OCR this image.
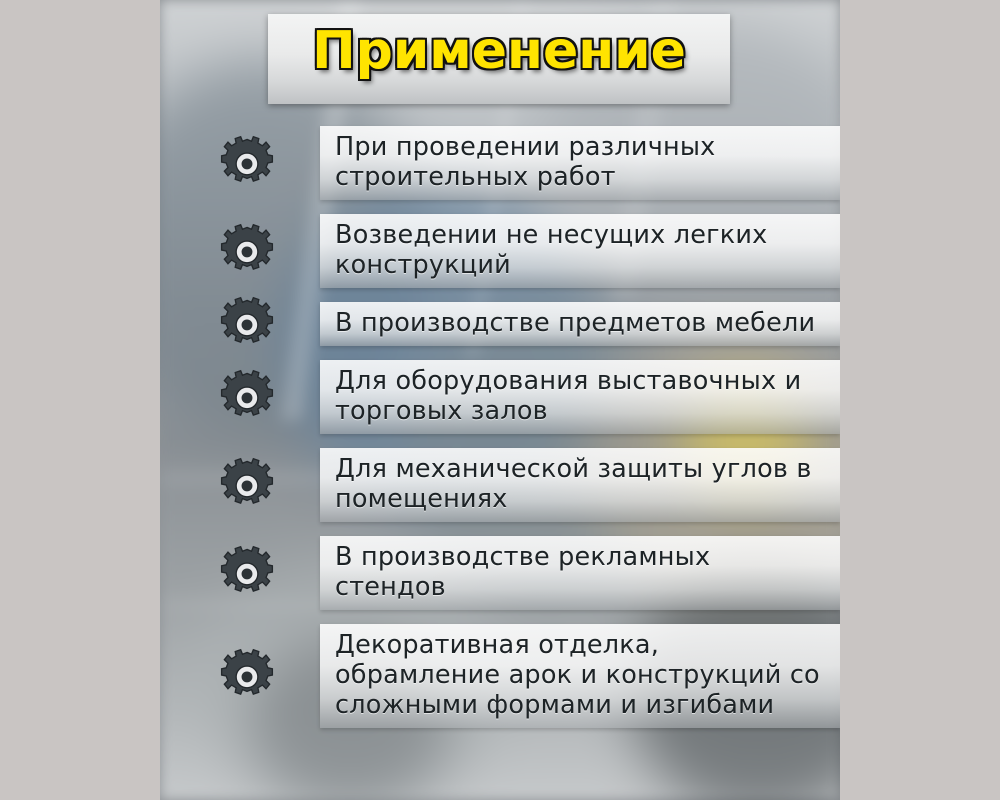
Применение
При проведении различных строительных работ
Возведении не несущих легких конструкций
В производстве предметов мебели
Для оборудования выставочных и торговых залов
Для механической защиты углов в помещениях
В производстве рекламных стендов
Декоративная отделка, обрамление арок и конструкций со сложными формами и изгибами
